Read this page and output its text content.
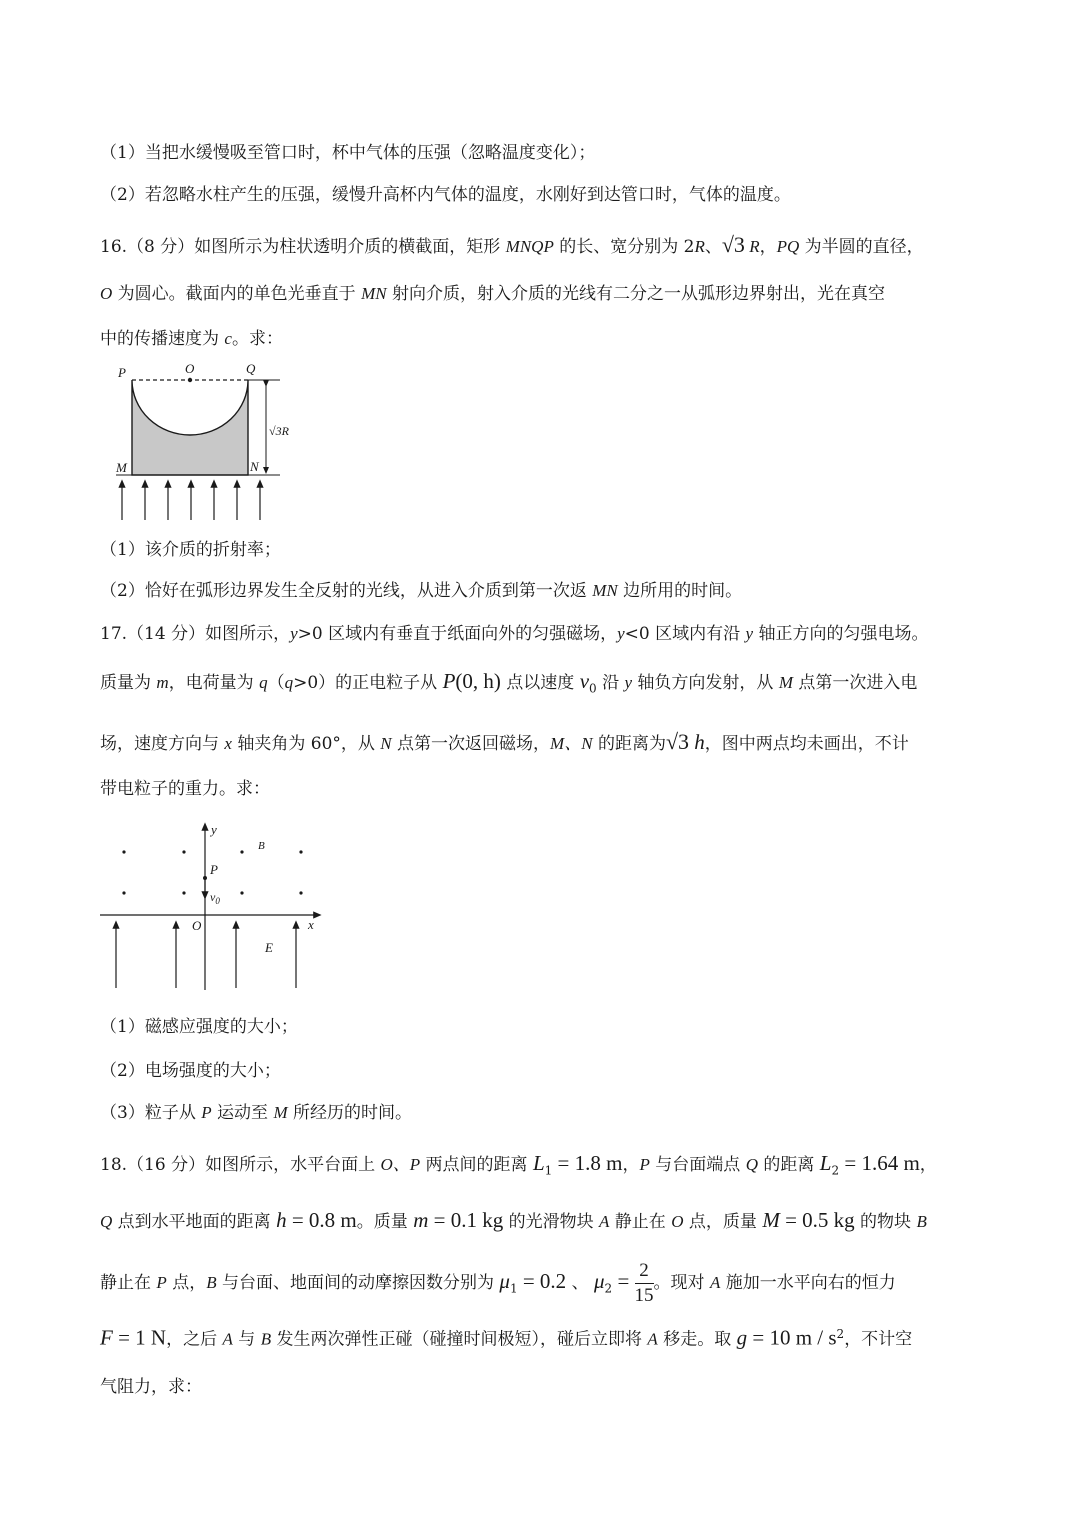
（1）当把水缓慢吸至管口时，杯中气体的压强（忽略温度变化）；
（2）若忽略水柱产生的压强，缓慢升高杯内气体的温度，水刚好到达管口时，气体的温度。
16.（8 分）如图所示为柱状透明介质的横截面，矩形 MNQP 的长、宽分别为 2R、√3 R，PQ 为半圆的直径，
O 为圆心。截面内的单色光垂直于 MN 射向介质，射入介质的光线有二分之一从弧形边界射出，光在真空
中的传播速度为 c。求：
P	O	Q
M	N
√3R
（1）该介质的折射率；
（2）恰好在弧形边界发生全反射的光线，从进入介质到第一次返 MN 边所用的时间。
17.（14 分）如图所示，y>0 区域内有垂直于纸面向外的匀强磁场，y<0 区域内有沿 y 轴正方向的匀强电场。
质量为 m，电荷量为 q（q>0）的正电粒子从 P(0, h) 点以速度 $v_0$ 沿 y 轴负方向发射，从 M 点第一次进入电
场，速度方向与 x 轴夹角为 60°，从 N 点第一次返回磁场，M、N 的距离为√3 h，图中两点均未画出，不计
带电粒子的重力。求：
y
x
B
P
$v_0$
O
E
（1）磁感应强度的大小；
（2）电场强度的大小；
（3）粒子从 P 运动至 M 所经历的时间。
18.（16 分）如图所示，水平台面上 O、P 两点间的距离 $L_1 = 1.8$ m，P 与台面端点 Q 的距离 $L_2 = 1.64$ m，
Q 点到水平地面的距离 h = 0.8 m。质量 m = 0.1 kg 的光滑物块 A 静止在 O 点，质量 M = 0.5 kg 的物块 B
静止在 P 点，B 与台面、地面间的动摩擦因数分别为 $\mu_1 = 0.2$ 、 $\mu_2 = \frac{2}{15}$ 。现对 A 施加一水平向右的恒力
F = 1 N，之后 A 与 B 发生两次弹性正碰（碰撞时间极短），碰后立即将 A 移走。取 g = 10 m / $s^2$，不计空
气阻力，求：
